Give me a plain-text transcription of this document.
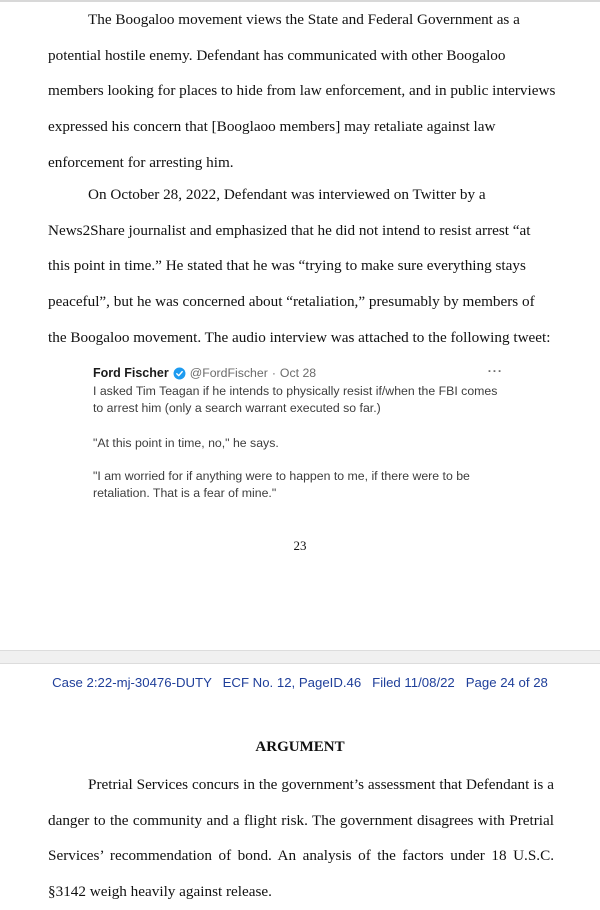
The Boogaloo movement views the State and Federal Government as a
potential hostile enemy. Defendant has communicated with other Boogaloo
members looking for places to hide from law enforcement, and in public interviews
expressed his concern that [Booglaoo members] may retaliate against law
enforcement for arresting him.

On October 28, 2022, Defendant was interviewed on Twitter by a
News2Share journalist and emphasized that he did not intend to resist arrest “at
this point in time.” He stated that he was “trying to make sure everything stays
peaceful”, but he was concerned about “retaliation,” presumably by members of
the Boogaloo movement. The audio interview was attached to the following tweet:

Ford Fischer @FordFischer · Oct 28	···

I asked Tim Teagan if he intends to physically resist if/when the FBI comes

to arrest him (only a search warrant executed so far.)

"At this point in time, no," he says.

"I am worried for if anything were to happen to me, if there were to be

retaliation. That is a fear of mine."

23
Case 2:22-mj-30476-DUTY   ECF No. 12, PageID.46   Filed 11/08/22   Page 24 of 28
ARGUMENT

Pretrial Services concurs in the government’s assessment that Defendant is a
danger to the community and a flight risk. The government disagrees with Pretrial
Services’ recommendation of bond. An analysis of the factors under 18 U.S.C.
§3142 weigh heavily against release.
